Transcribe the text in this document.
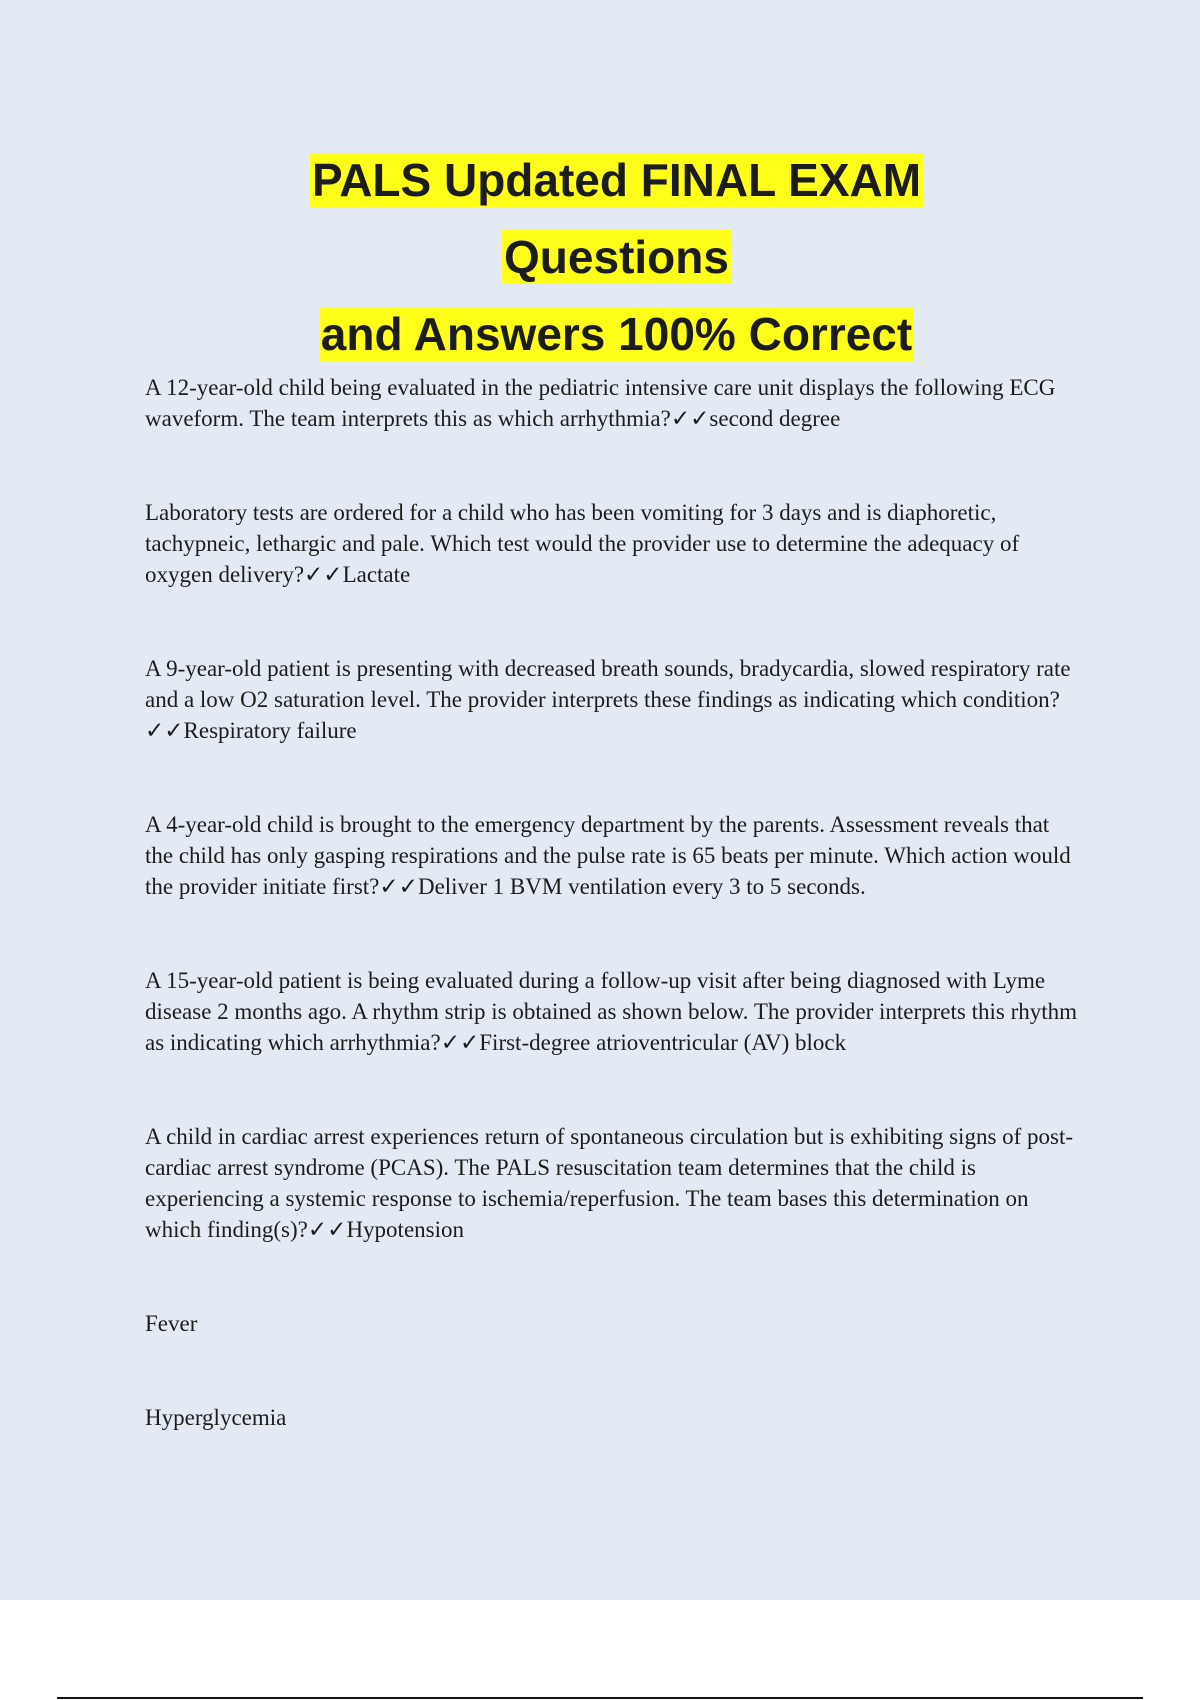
PALS Updated FINAL EXAM
Questions
and Answers 100% Correct

A 12-year-old child being evaluated in the pediatric intensive care unit displays the following ECG waveform. The team interprets this as which arrhythmia?✓✓second degree

Laboratory tests are ordered for a child who has been vomiting for 3 days and is diaphoretic, tachypneic, lethargic and pale. Which test would the provider use to determine the adequacy of oxygen delivery?✓✓Lactate

A 9-year-old patient is presenting with decreased breath sounds, bradycardia, slowed respiratory rate and a low O2 saturation level. The provider interprets these findings as indicating which condition?✓✓Respiratory failure

A 4-year-old child is brought to the emergency department by the parents. Assessment reveals that the child has only gasping respirations and the pulse rate is 65 beats per minute. Which action would the provider initiate first?✓✓Deliver 1 BVM ventilation every 3 to 5 seconds.

A 15-year-old patient is being evaluated during a follow-up visit after being diagnosed with Lyme disease 2 months ago. A rhythm strip is obtained as shown below. The provider interprets this rhythm as indicating which arrhythmia?✓✓First-degree atrioventricular (AV) block

A child in cardiac arrest experiences return of spontaneous circulation but is exhibiting signs of post-cardiac arrest syndrome (PCAS). The PALS resuscitation team determines that the child is experiencing a systemic response to ischemia/reperfusion. The team bases this determination on which finding(s)?✓✓Hypotension

Fever

Hyperglycemia
